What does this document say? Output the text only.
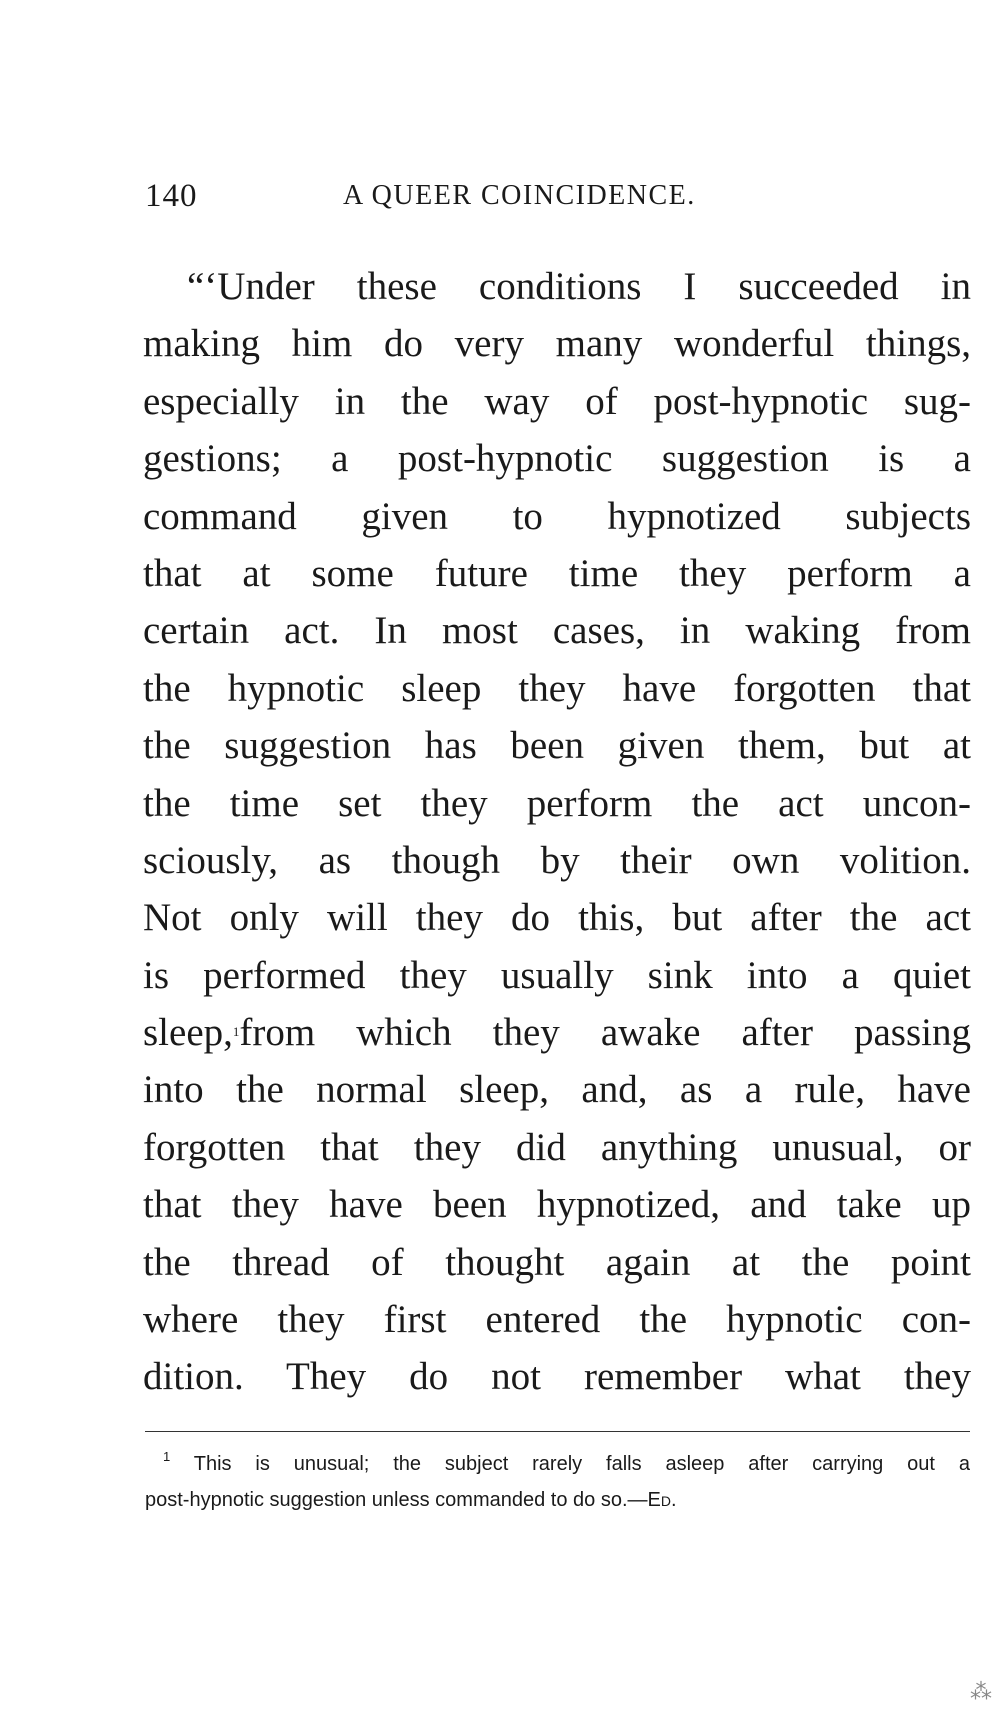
140	A QUEER COINCIDENCE.
“‘Under these conditions I succeeded in
making him do very many wonderful things,
especially in the way of post-hypnotic sug-
gestions; a post-hypnotic suggestion is a
command given to hypnotized subjects
that at some future time they perform a
certain act. In most cases, in waking from
the hypnotic sleep they have forgotten that
the suggestion has been given them, but at
the time set they perform the act uncon-
sciously, as though by their own volition.
Not only will they do this, but after the act
is performed they usually sink into a quiet
sleep,$^1$from which they awake after passing
into the normal sleep, and, as a rule, have
forgotten that they did anything unusual, or
that they have been hypnotized, and take up
the thread of thought again at the point
where they first entered the hypnotic con-
dition. They do not remember what they
$^1$ This is unusual; the subject rarely falls asleep after carrying out a
post-hypnotic suggestion unless commanded to do so.—Ed.
⁂
